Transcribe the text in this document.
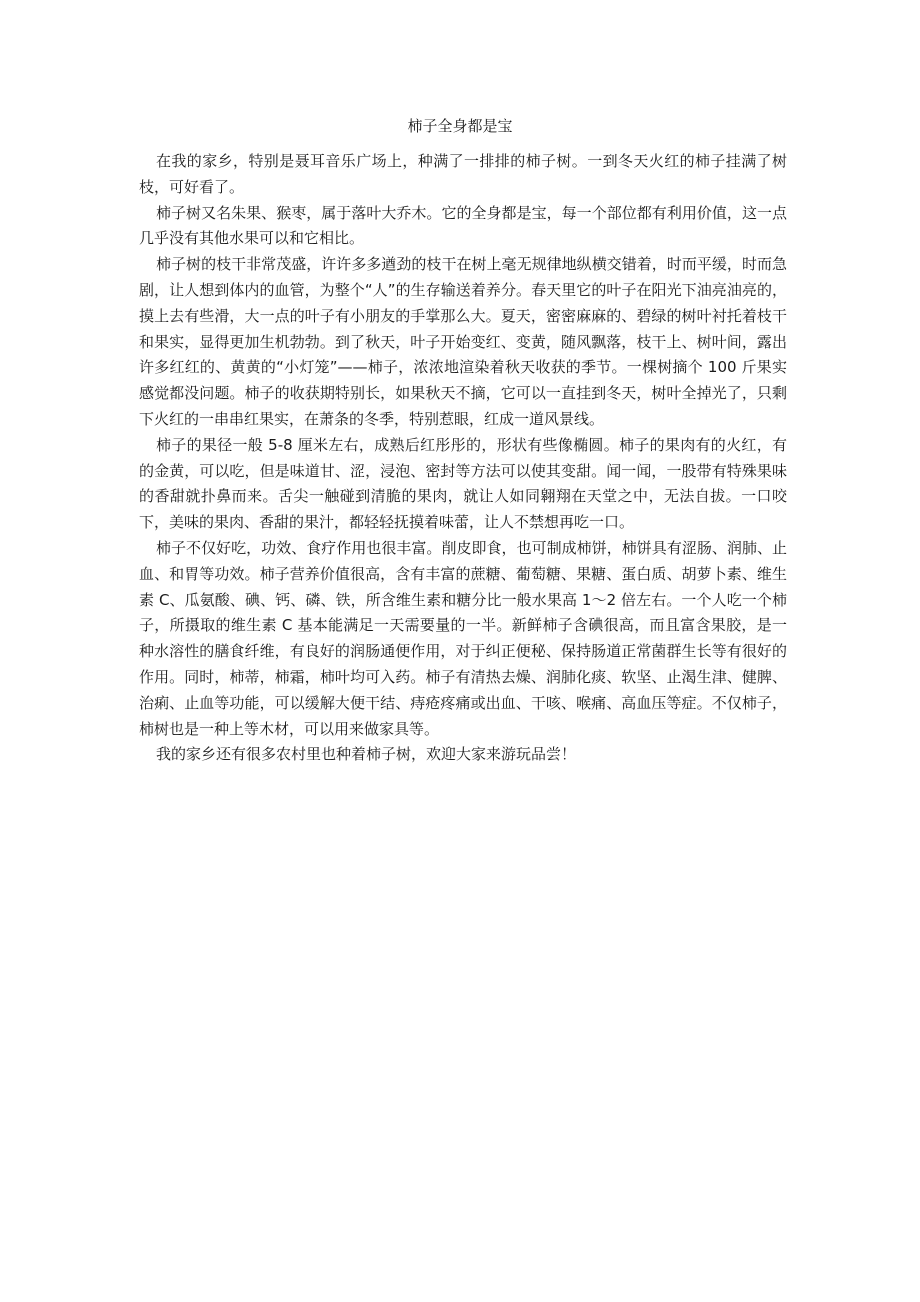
柿子全身都是宝

在我的家乡，特别是聂耳音乐广场上，种满了一排排的柿子树。一到冬天火红的柿子挂满了树枝，可好看了。

柿子树又名朱果、猴枣，属于落叶大乔木。它的全身都是宝，每一个部位都有利用价值，这一点几乎没有其他水果可以和它相比。

柿子树的枝干非常茂盛，许许多多遒劲的枝干在树上毫无规律地纵横交错着，时而平缓，时而急剧，让人想到体内的血管，为整个“人”的生存输送着养分。春天里它的叶子在阳光下油亮油亮的，摸上去有些滑，大一点的叶子有小朋友的手掌那么大。夏天，密密麻麻的、碧绿的树叶衬托着枝干和果实，显得更加生机勃勃。到了秋天，叶子开始变红、变黄，随风飘落，枝干上、树叶间，露出许多红红的、黄黄的“小灯笼”——柿子，浓浓地渲染着秋天收获的季节。一棵树摘个 100 斤果实感觉都没问题。柿子的收获期特别长，如果秋天不摘，它可以一直挂到冬天，树叶全掉光了，只剩下火红的一串串红果实，在萧条的冬季，特别惹眼，红成一道风景线。

柿子的果径一般 5-8 厘米左右，成熟后红彤彤的，形状有些像椭圆。柿子的果肉有的火红，有的金黄，可以吃，但是味道甘、涩，浸泡、密封等方法可以使其变甜。闻一闻，一股带有特殊果味的香甜就扑鼻而来。舌尖一触碰到清脆的果肉，就让人如同翱翔在天堂之中，无法自拔。一口咬下，美味的果肉、香甜的果汁，都轻轻抚摸着味蕾，让人不禁想再吃一口。

柿子不仅好吃，功效、食疗作用也很丰富。削皮即食，也可制成柿饼，柿饼具有涩肠、润肺、止血、和胃等功效。柿子营养价值很高，含有丰富的蔗糖、葡萄糖、果糖、蛋白质、胡萝卜素、维生素 C、瓜氨酸、碘、钙、磷、铁，所含维生素和糖分比一般水果高 1～2 倍左右。一个人吃一个柿子，所摄取的维生素 C 基本能满足一天需要量的一半。新鲜柿子含碘很高，而且富含果胶，是一种水溶性的膳食纤维，有良好的润肠通便作用，对于纠正便秘、保持肠道正常菌群生长等有很好的作用。同时，柿蒂，柿霜，柿叶均可入药。柿子有清热去燥、润肺化痰、软坚、止渴生津、健脾、治痢、止血等功能，可以缓解大便干结、痔疮疼痛或出血、干咳、喉痛、高血压等症。不仅柿子，柿树也是一种上等木材，可以用来做家具等。

我的家乡还有很多农村里也种着柿子树，欢迎大家来游玩品尝！
